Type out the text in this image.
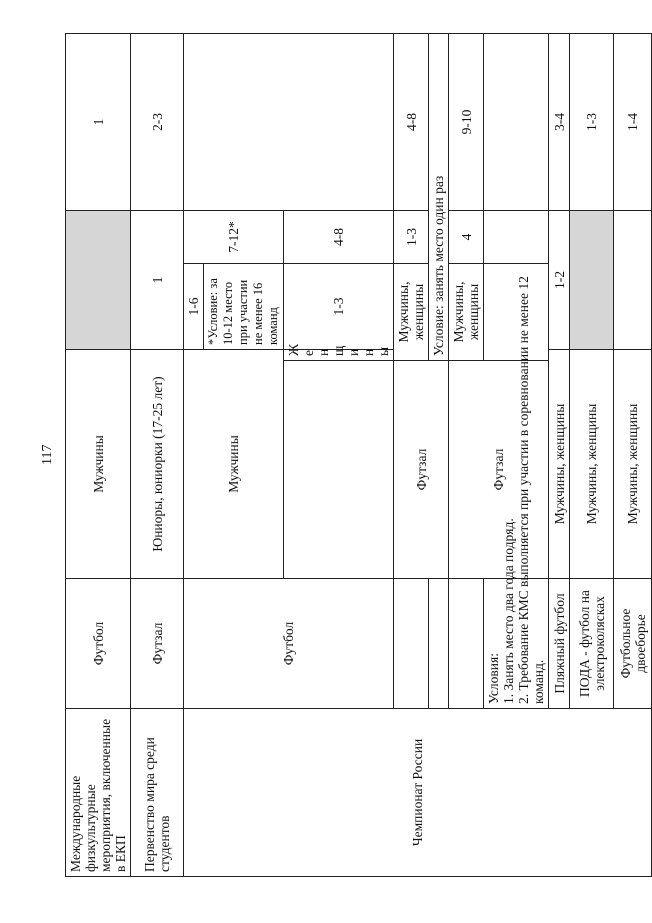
117
Международные физкультурные мероприятия, включенные в ЕКП	Футбол	Мужчины				1	
Первенство мира среди студентов	Футзал	Юниоры, юниорки (17-25 лет)		1		2-3	
Чемпионат России	Футбол	Мужчины		1-6	7-12*		
				*Условие: за 10-12 место при участии не менее 16 команд			
			Женщины	1-3	4-8		
		Футзал	Мужчины, женщины		1-3	4-8	
			Условие: занять место один раз				
		Футзал	Мужчины, женщины		4	9-10	
	Условия:
1. Занять место два года подряд.
2. Требование КМС выполняется при участии в соревновании не менее 12 команд.						
	Пляжный футбол	Мужчины, женщины		1-2		3-4	
	ПОДА - футбол на электроколясках	Мужчины, женщины				1-3	
	Футбольное двоеборье	Мужчины, женщины				1-4	
